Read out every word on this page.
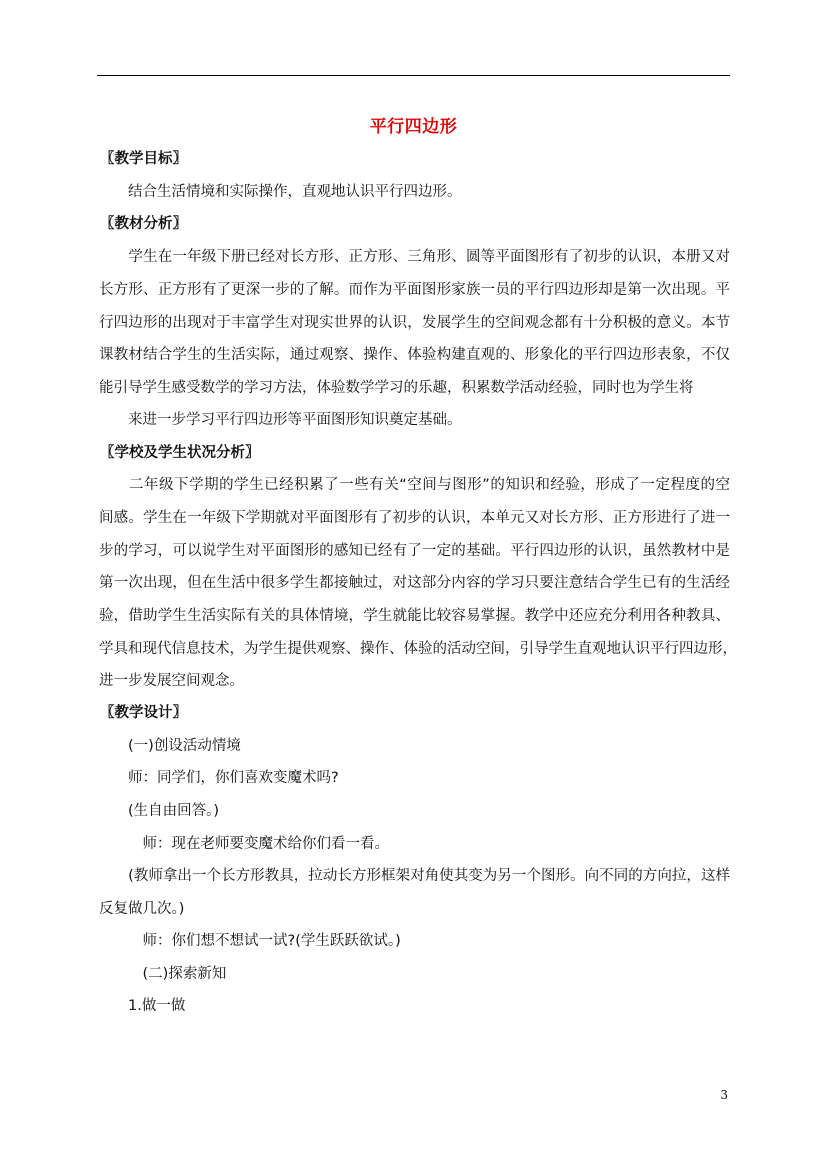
平行四边形
〖教学目标〗
　　结合生活情境和实际操作，直观地认识平行四边形。
〖教材分析〗
　　学生在一年级下册已经对长方形、正方形、三角形、圆等平面图形有了初步的认识，本册又对
长方形、正方形有了更深一步的了解。而作为平面图形家族一员的平行四边形却是第一次出现。平
行四边形的出现对于丰富学生对现实世界的认识，发展学生的空间观念都有十分积极的意义。本节
课教材结合学生的生活实际，通过观察、操作、体验构建直观的、形象化的平行四边形表象，不仅
能引导学生感受数学的学习方法，体验数学学习的乐趣，积累数学活动经验，同时也为学生将
　　来进一步学习平行四边形等平面图形知识奠定基础。
〖学校及学生状况分析〗
　　二年级下学期的学生已经积累了一些有关“空间与图形”的知识和经验，形成了一定程度的空
间感。学生在一年级下学期就对平面图形有了初步的认识，本单元又对长方形、正方形进行了进一
步的学习，可以说学生对平面图形的感知已经有了一定的基础。平行四边形的认识，虽然教材中是
第一次出现，但在生活中很多学生都接触过，对这部分内容的学习只要注意结合学生已有的生活经
验，借助学生生活实际有关的具体情境，学生就能比较容易掌握。教学中还应充分利用各种教具、
学具和现代信息技术，为学生提供观察、操作、体验的活动空间，引导学生直观地认识平行四边形，
进一步发展空间观念。
〖教学设计〗
　　(一)创设活动情境
　　师：同学们，你们喜欢变魔术吗?
　　(生自由回答。)
　　　师：现在老师要变魔术给你们看一看。
　　(教师拿出一个长方形教具，拉动长方形框架对角使其变为另一个图形。向不同的方向拉，这样
反复做几次。)
　　　师：你们想不想试一试?(学生跃跃欲试。)
　　　(二)探索新知
　　1.做一做
3
